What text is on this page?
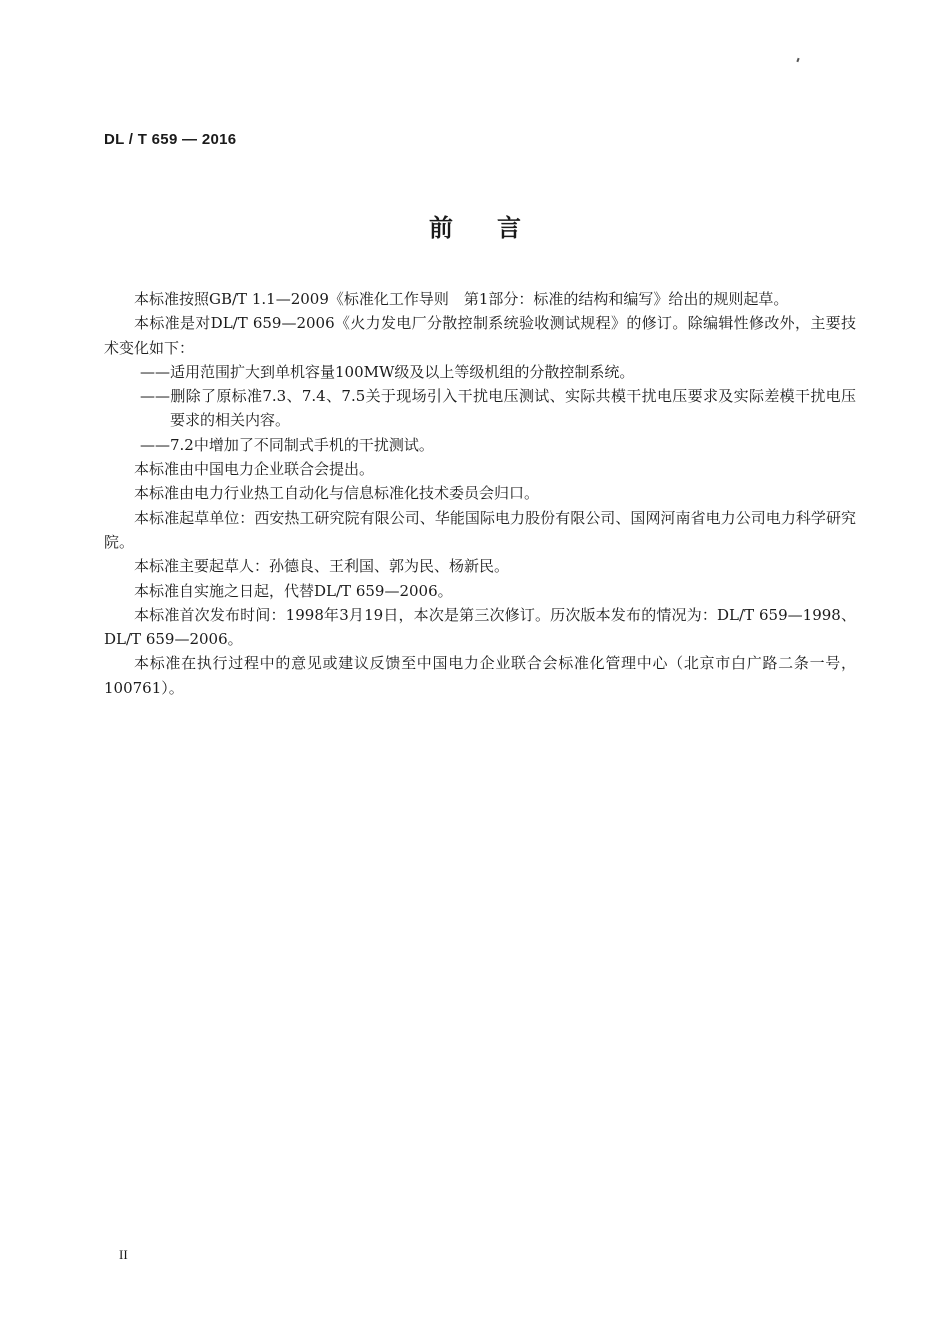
DL / T 659 — 2016
前言

本标准按照GB/T 1.1—2009《标准化工作导则　第1部分：标准的结构和编写》给出的规则起草。

本标准是对DL/T 659—2006《火力发电厂分散控制系统验收测试规程》的修订。除编辑性修改外，主要技术变化如下：

——适用范围扩大到单机容量100MW级及以上等级机组的分散控制系统。

——删除了原标准7.3、7.4、7.5关于现场引入干扰电压测试、实际共模干扰电压要求及实际差模干扰电压要求的相关内容。

——7.2中增加了不同制式手机的干扰测试。

本标准由中国电力企业联合会提出。

本标准由电力行业热工自动化与信息标准化技术委员会归口。

本标准起草单位：西安热工研究院有限公司、华能国际电力股份有限公司、国网河南省电力公司电力科学研究院。

本标准主要起草人：孙德良、王利国、郭为民、杨新民。

本标准自实施之日起，代替DL/T 659—2006。

本标准首次发布时间：1998年3月19日，本次是第三次修订。历次版本发布的情况为：DL/T 659—1998、DL/T 659—2006。

本标准在执行过程中的意见或建议反馈至中国电力企业联合会标准化管理中心（北京市白广路二条一号，100761）。

II
